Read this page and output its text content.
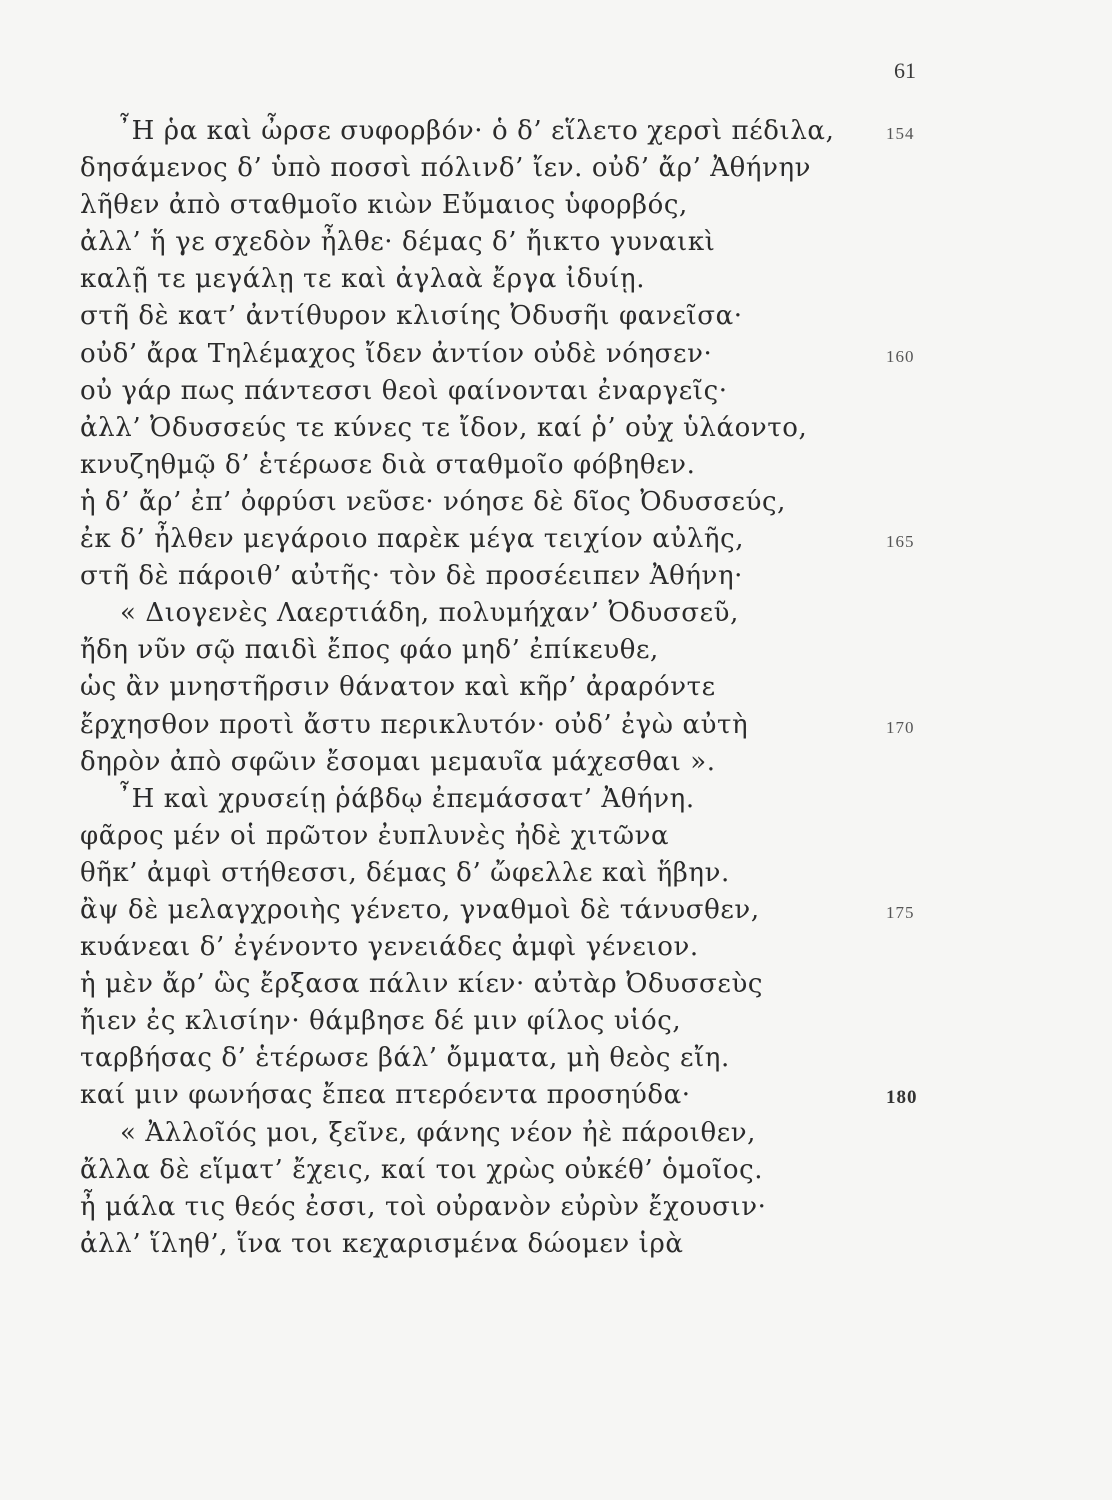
61
῏Η ῥα καὶ ὦρσε συφορβόν· ὁ δ’ εἵλετο χερσὶ πέδιλα,	154
δησάμενος δ’ ὑπὸ ποσσὶ πόλινδ’ ἴεν. οὐδ’ ἄρ’ Ἀθήνην
λῆθεν ἀπὸ σταθμοῖο κιὼν Εὔμαιος ὑφορβός,
ἀλλ’ ἥ γε σχεδὸν ἦλθε· δέμας δ’ ἤικτο γυναικὶ
καλῇ τε μεγάλῃ τε καὶ ἀγλαὰ ἔργα ἰδυίῃ.
στῆ δὲ κατ’ ἀντίθυρον κλισίης Ὀδυσῆι φανεῖσα·
οὐδ’ ἄρα Τηλέμαχος ἴδεν ἀντίον οὐδὲ νόησεν·	160
οὐ γάρ πως πάντεσσι θεοὶ φαίνονται ἐναργεῖς·
ἀλλ’ Ὀδυσσεύς τε κύνες τε ἴδον, καί ῥ’ οὐχ ὑλάοντο,
κνυζηθμῷ δ’ ἑτέρωσε διὰ σταθμοῖο φόβηθεν.
ἡ δ’ ἄρ’ ἐπ’ ὀφρύσι νεῦσε· νόησε δὲ δῖος Ὀδυσσεύς,
ἐκ δ’ ἦλθεν μεγάροιο παρὲκ μέγα τειχίον αὐλῆς,	165
στῆ δὲ πάροιθ’ αὐτῆς· τὸν δὲ προσέειπεν Ἀθήνη·
« Διογενὲς Λαερτιάδη, πολυμήχαν’ Ὀδυσσεῦ,
ἤδη νῦν σῷ παιδὶ ἔπος φάο μηδ’ ἐπίκευθε,
ὡς ἂν μνηστῆρσιν θάνατον καὶ κῆρ’ ἀραρόντε
ἔρχησθον προτὶ ἄστυ περικλυτόν· οὐδ’ ἐγὼ αὐτὴ	170
δηρὸν ἀπὸ σφῶιν ἔσομαι μεμαυῖα μάχεσθαι ».
῏Η καὶ χρυσείῃ ῥάβδῳ ἐπεμάσσατ’ Ἀθήνη.
φᾶρος μέν οἱ πρῶτον ἐυπλυνὲς ἠδὲ χιτῶνα
θῆκ’ ἀμφὶ στήθεσσι, δέμας δ’ ὤφελλε καὶ ἥβην.
ἂψ δὲ μελαγχροιὴς γένετο, γναθμοὶ δὲ τάνυσθεν,	175
κυάνεαι δ’ ἐγένοντο γενειάδες ἀμφὶ γένειον.
ἡ μὲν ἄρ’ ὣς ἔρξασα πάλιν κίεν· αὐτὰρ Ὀδυσσεὺς
ἤιεν ἐς κλισίην· θάμβησε δέ μιν φίλος υἱός,
ταρβήσας δ’ ἑτέρωσε βάλ’ ὄμματα, μὴ θεὸς εἴη.
καί μιν φωνήσας ἔπεα πτερόεντα προσηύδα·	180
« Ἀλλοῖός μοι, ξεῖνε, φάνης νέον ἠὲ πάροιθεν,
ἄλλα δὲ εἵματ’ ἔχεις, καί τοι χρὼς οὐκέθ’ ὁμοῖος.
ἦ μάλα τις θεός ἐσσι, τοὶ οὐρανὸν εὐρὺν ἔχουσιν·
ἀλλ’ ἵληθ’, ἵνα τοι κεχαρισμένα δώομεν ἱρὰ
